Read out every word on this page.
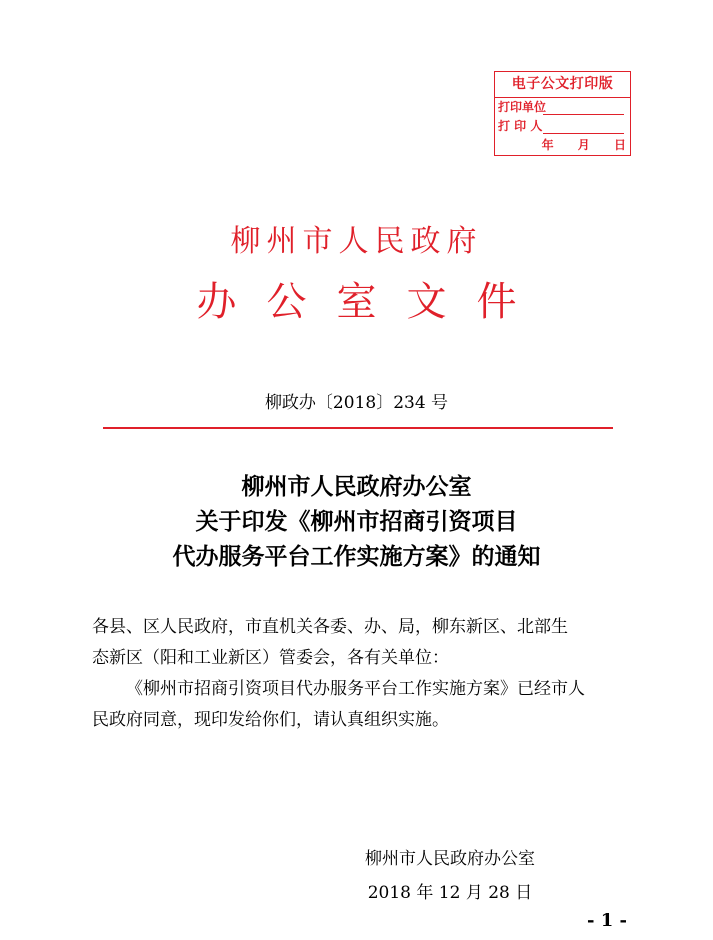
电子公文打印版
打印单位
打 印 人
年 月 日
柳州市人民政府
办公室文件
柳政办〔2018〕234 号
柳州市人民政府办公室
关于印发《柳州市招商引资项目
代办服务平台工作实施方案》的通知

各县、区人民政府，市直机关各委、办、局，柳东新区、北部生

态新区（阳和工业新区）管委会，各有关单位：

《柳州市招商引资项目代办服务平台工作实施方案》已经市人

民政府同意，现印发给你们，请认真组织实施。

柳州市人民政府办公室
2018 年 12 月 28 日
- 1 -
